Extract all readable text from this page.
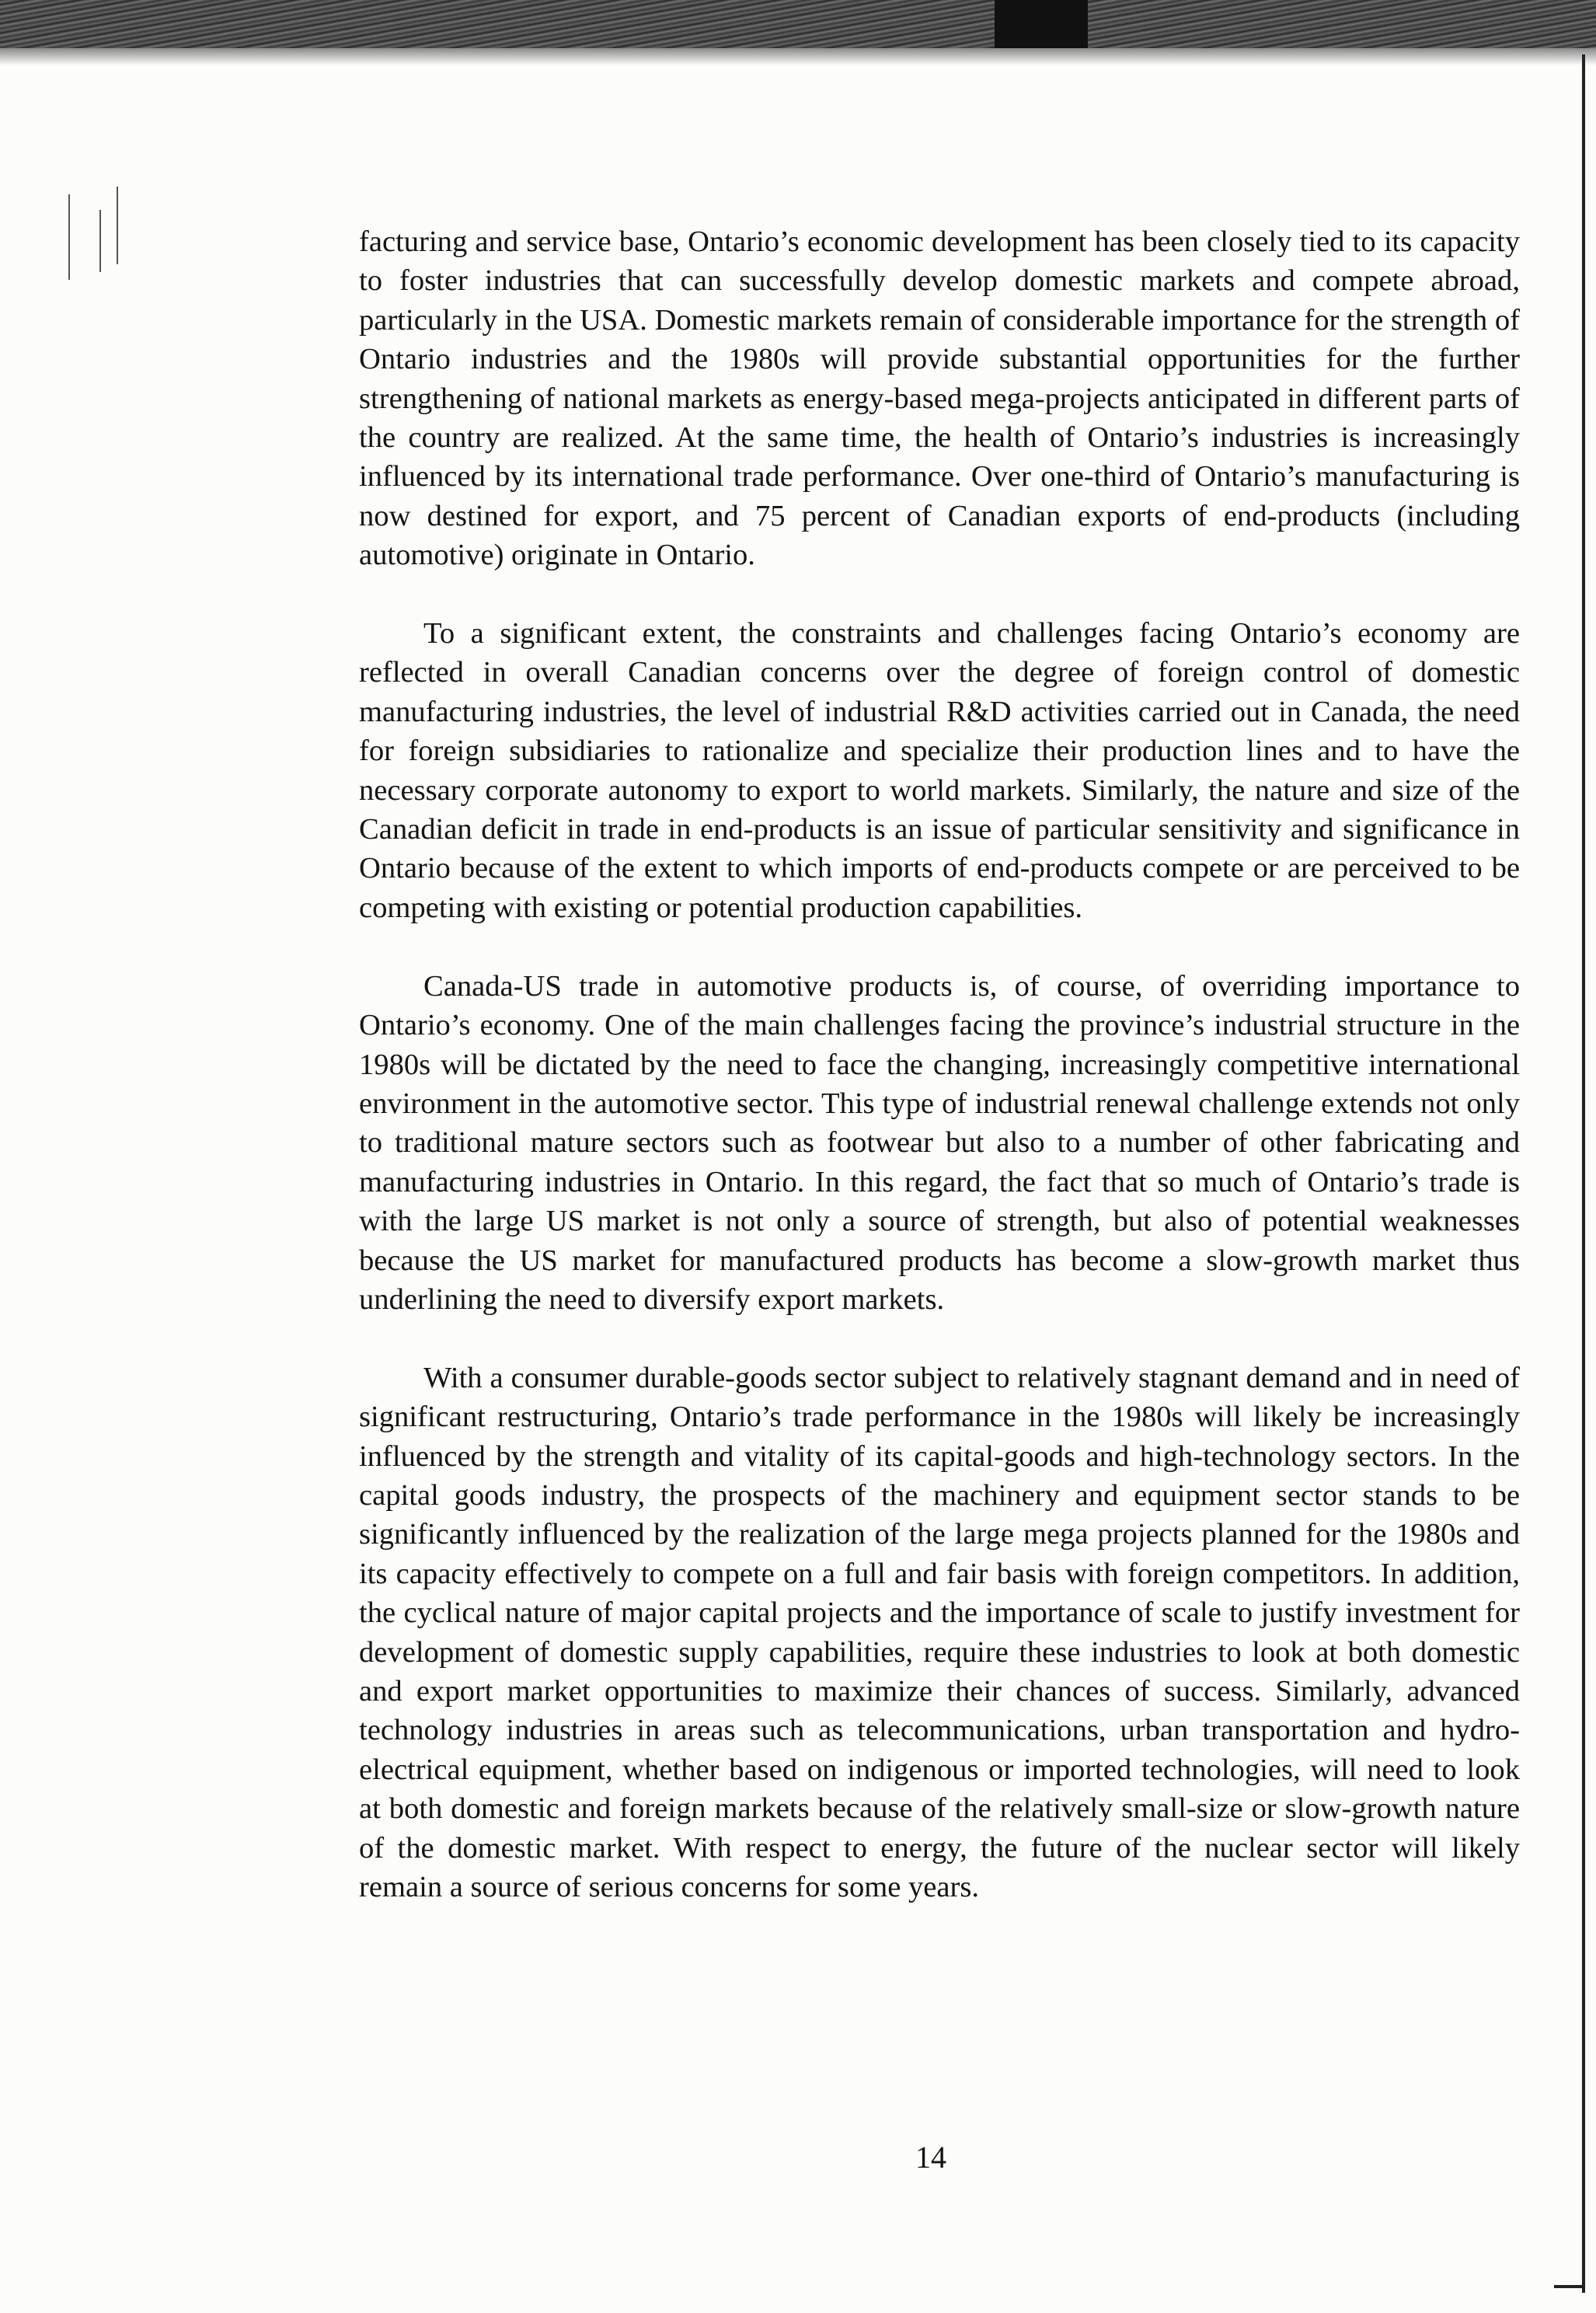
facturing and service base, Ontario’s economic development has been closely tied to its capacity to foster industries that can successfully develop domestic markets and compete abroad, particularly in the USA. Domestic markets remain of considerable importance for the strength of Ontario industries and the 1980s will provide substantial opportunities for the further strengthening of national markets as energy-based mega-projects anticipated in different parts of the country are realized. At the same time, the health of Ontario’s industries is increasingly influenced by its international trade performance. Over one-third of Ontario’s manufacturing is now destined for export, and 75 percent of Canadian exports of end-products (including automotive) originate in Ontario.

To a significant extent, the constraints and challenges facing Ontario’s economy are reflected in overall Canadian concerns over the degree of foreign control of domestic manufacturing industries, the level of industrial R&D activities carried out in Canada, the need for foreign subsidiaries to rationalize and specialize their production lines and to have the necessary corporate autonomy to export to world markets. Similarly, the nature and size of the Canadian deficit in trade in end-products is an issue of particular sensitivity and significance in Ontario because of the extent to which imports of end-products compete or are perceived to be competing with existing or potential production capabilities.

Canada-US trade in automotive products is, of course, of overriding importance to Ontario’s economy. One of the main challenges facing the province’s industrial structure in the 1980s will be dictated by the need to face the changing, increasingly competitive international environment in the automotive sector. This type of industrial renewal challenge extends not only to traditional mature sectors such as footwear but also to a number of other fabricating and manufacturing industries in Ontario. In this regard, the fact that so much of Ontario’s trade is with the large US market is not only a source of strength, but also of potential weaknesses because the US market for manufactured products has become a slow-growth market thus underlining the need to diversify export markets.

With a consumer durable-goods sector subject to relatively stagnant demand and in need of significant restructuring, Ontario’s trade performance in the 1980s will likely be increasingly influenced by the strength and vitality of its capital-goods and high-technology sectors. In the capital goods industry, the prospects of the machinery and equipment sector stands to be significantly influenced by the realization of the large mega projects planned for the 1980s and its capacity effectively to compete on a full and fair basis with foreign competitors. In addition, the cyclical nature of major capital projects and the importance of scale to justify investment for development of domestic supply capabilities, require these industries to look at both domestic and export market opportunities to maximize their chances of success. Similarly, advanced technology industries in areas such as telecommunications, urban transportation and hydro-electrical equipment, whether based on indigenous or imported technologies, will need to look at both domestic and foreign markets because of the relatively small-size or slow-growth nature of the domestic market. With respect to energy, the future of the nuclear sector will likely remain a source of serious concerns for some years.

14
